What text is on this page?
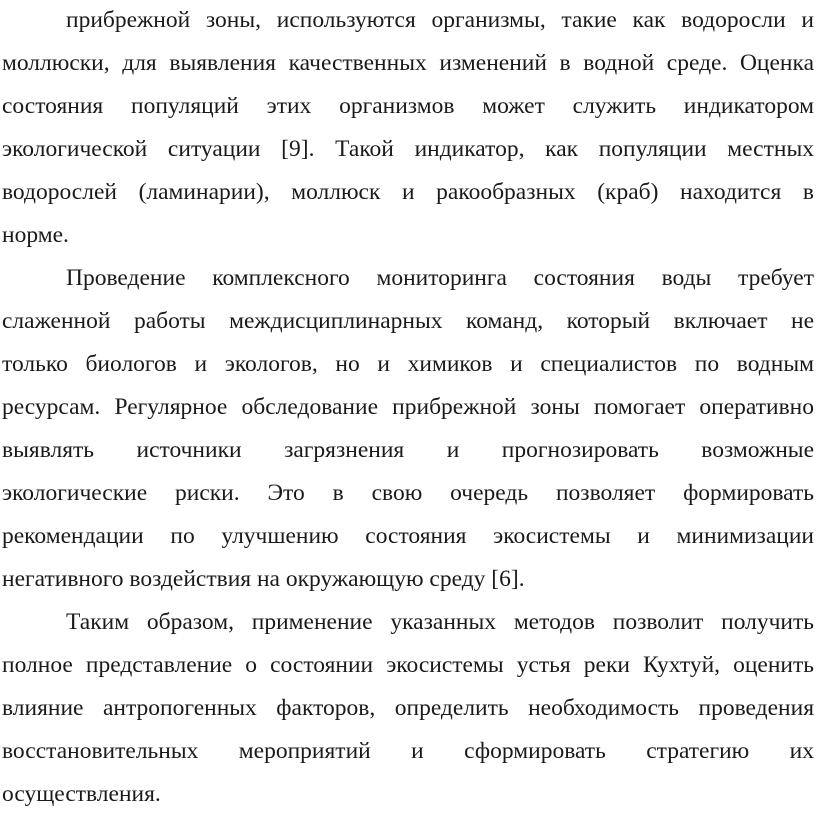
прибрежной зоны, используются организмы, такие как водоросли и
моллюски, для выявления качественных изменений в водной среде. Оценка
состояния популяций этих организмов может служить индикатором
экологической ситуации [9]. Такой индикатор, как популяции местных
водорослей (ламинарии), моллюск и ракообразных (краб) находится в
норме.
Проведение комплексного мониторинга состояния воды требует
слаженной работы междисциплинарных команд, который включает не
только биологов и экологов, но и химиков и специалистов по водным
ресурсам. Регулярное обследование прибрежной зоны помогает оперативно
выявлять источники загрязнения и прогнозировать возможные
экологические риски. Это в свою очередь позволяет формировать
рекомендации по улучшению состояния экосистемы и минимизации
негативного воздействия на окружающую среду [6].
Таким образом, применение указанных методов позволит получить
полное представление о состоянии экосистемы устья реки Кухтуй, оценить
влияние антропогенных факторов, определить необходимость проведения
восстановительных мероприятий и сформировать стратегию их
осуществления.
